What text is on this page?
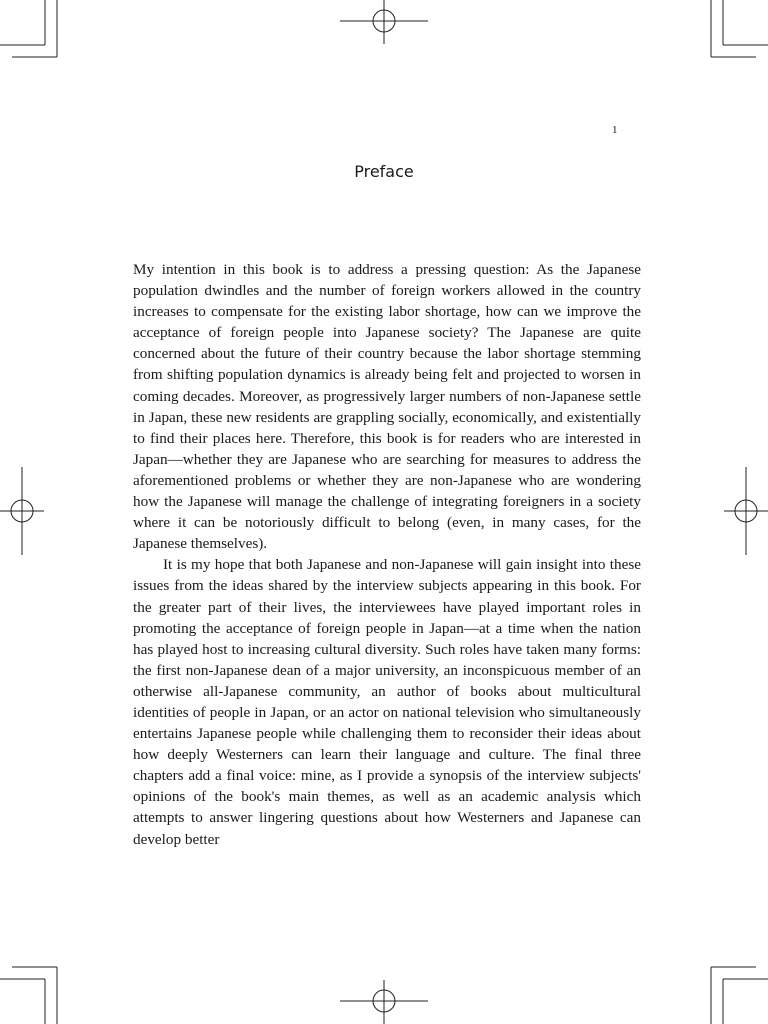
1
Preface

My intention in this book is to address a pressing question: As the Japanese population dwindles and the number of foreign workers allowed in the country increases to compensate for the existing labor shortage, how can we improve the acceptance of foreign people into Japanese society? The Japanese are quite concerned about the future of their country because the labor shortage stemming from shifting population dynamics is already being felt and projected to worsen in coming decades. Moreover, as progressively larger numbers of non-Japanese settle in Japan, these new residents are grappling socially, economically, and existentially to find their places here. Therefore, this book is for readers who are interested in Japan—whether they are Japanese who are searching for measures to address the aforementioned problems or whether they are non-Japanese who are wondering how the Japanese will manage the challenge of integrating foreigners in a society where it can be notoriously difficult to belong (even, in many cases, for the Japanese themselves).

It is my hope that both Japanese and non-Japanese will gain insight into these issues from the ideas shared by the interview subjects appearing in this book. For the greater part of their lives, the interviewees have played important roles in promoting the acceptance of foreign people in Japan—at a time when the nation has played host to increasing cultural diversity. Such roles have taken many forms: the first non-Japanese dean of a major university, an inconspicuous member of an otherwise all-Japanese community, an author of books about multicultural identities of people in Japan, or an actor on national television who simultaneously entertains Japanese people while challenging them to reconsider their ideas about how deeply Westerners can learn their language and culture. The final three chapters add a final voice: mine, as I provide a synopsis of the interview subjects' opinions of the book's main themes, as well as an academic analysis which attempts to answer lingering questions about how Westerners and Japanese can develop better
